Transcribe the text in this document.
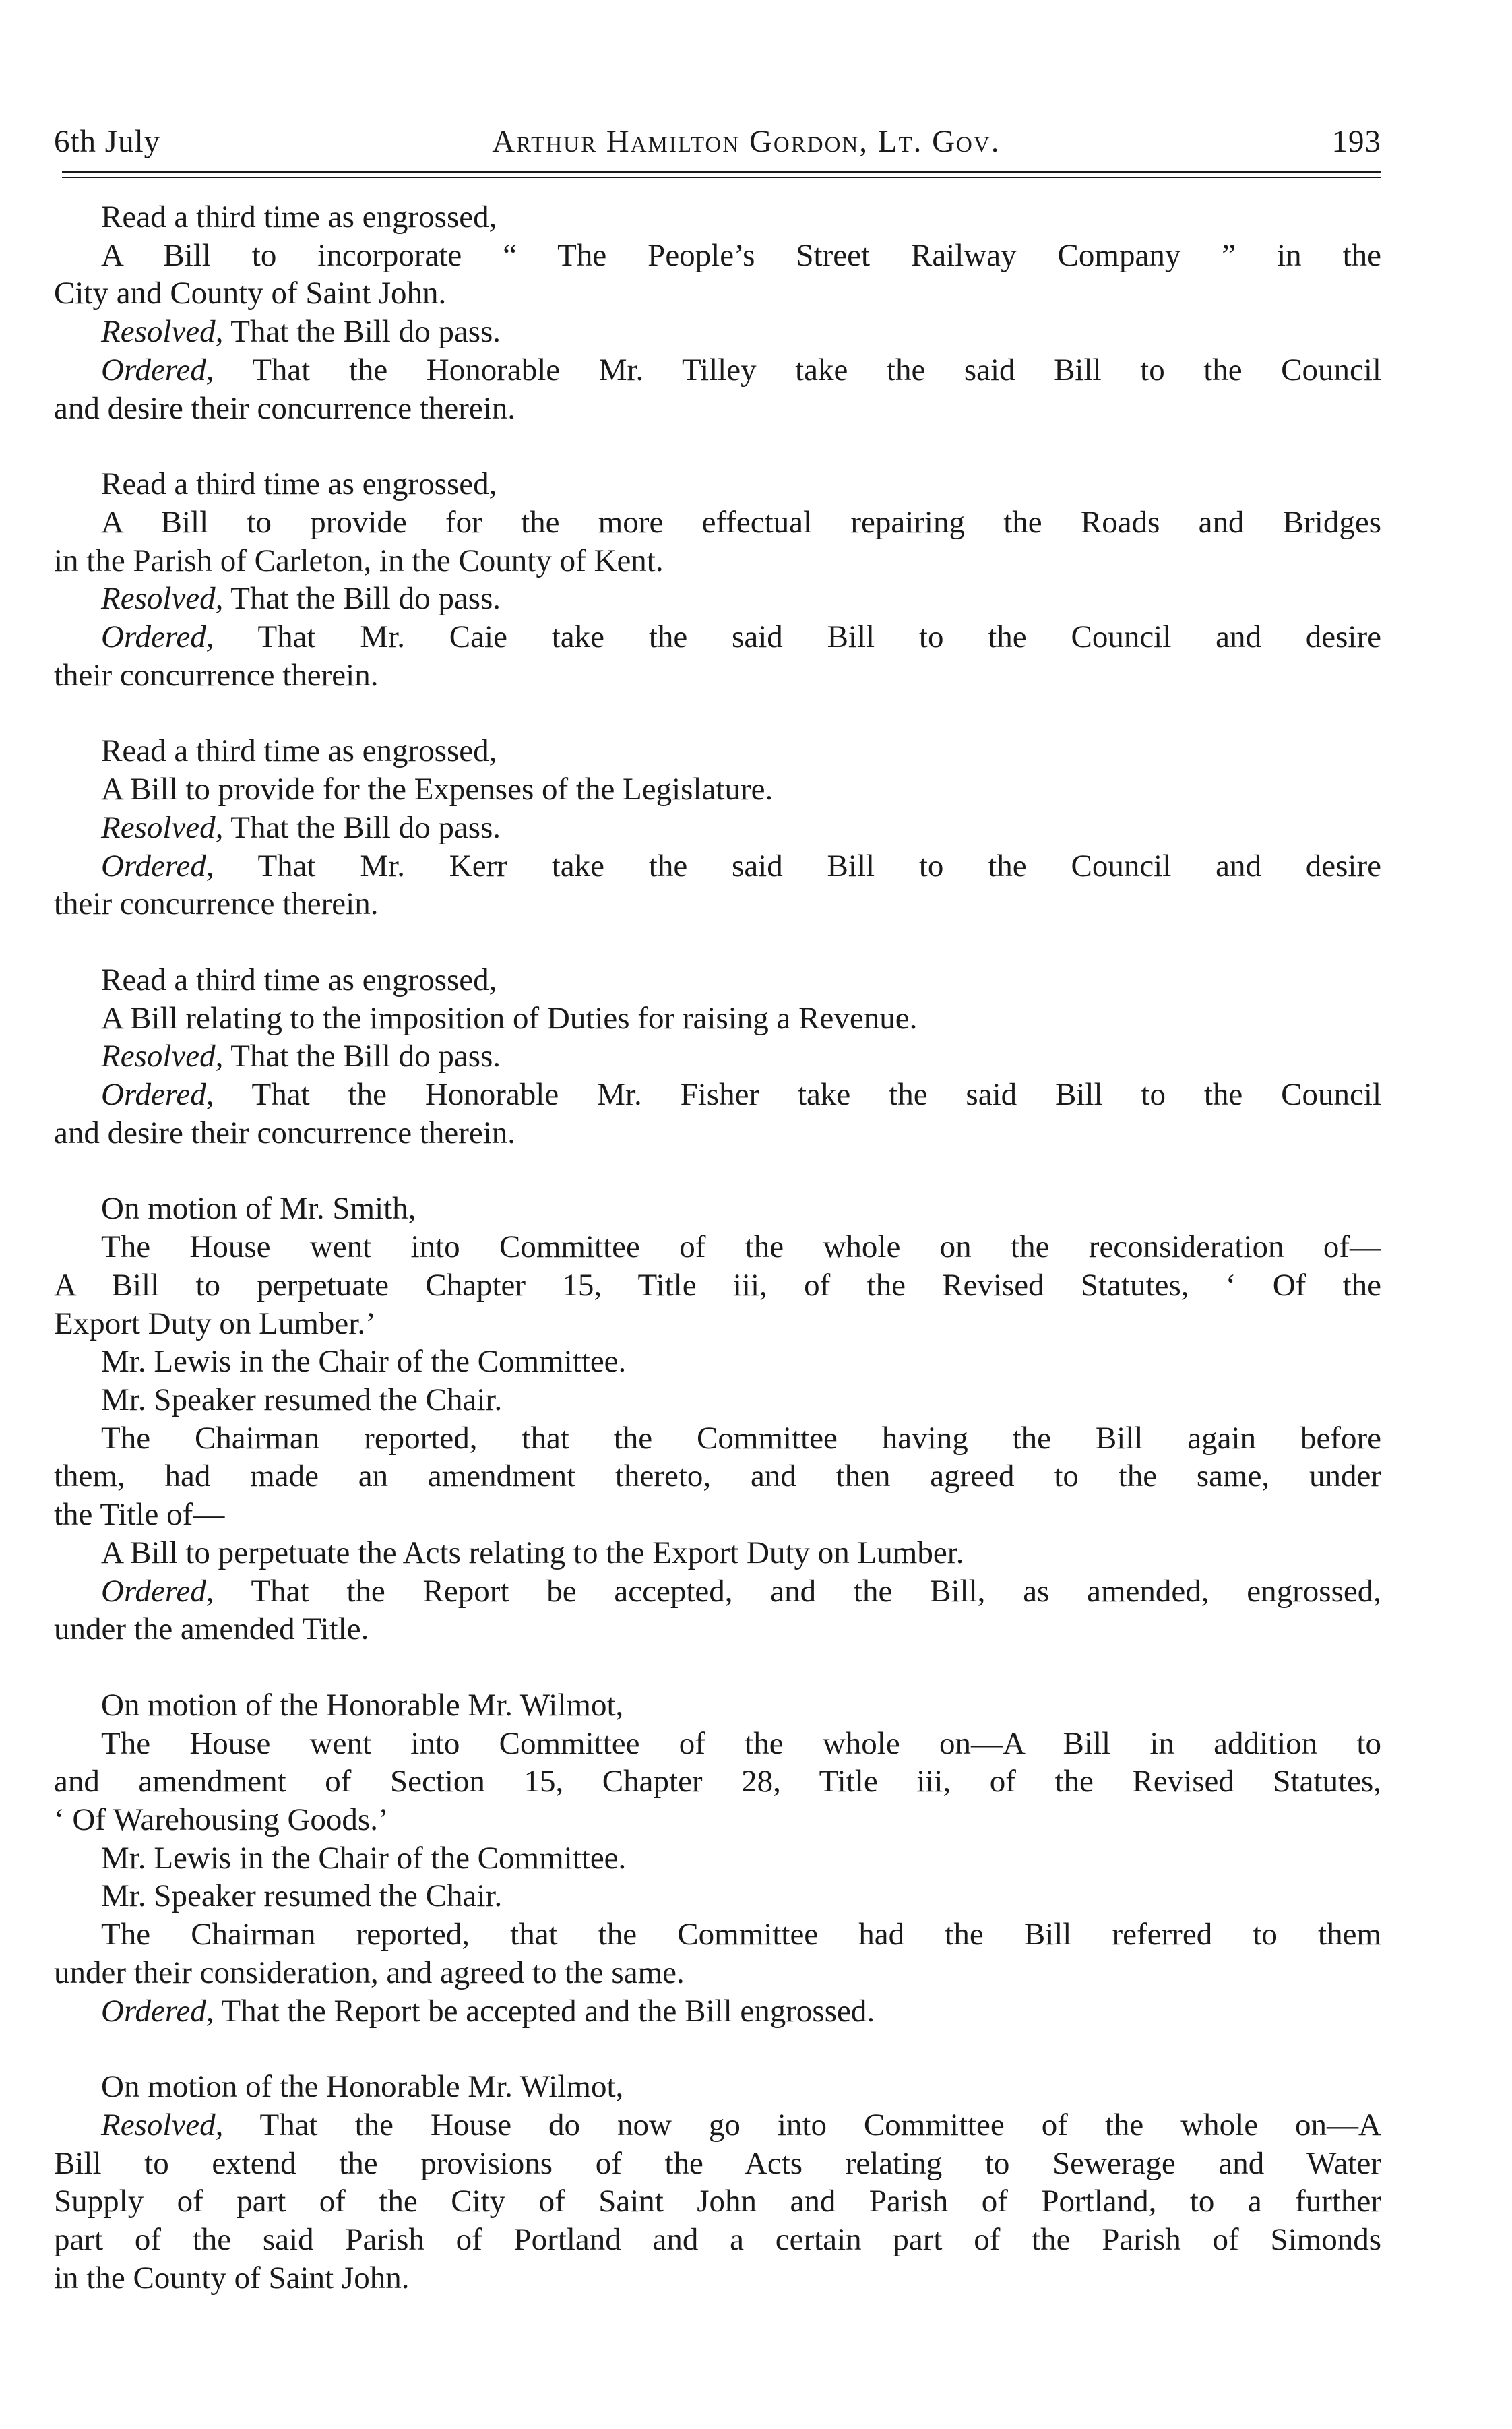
6th July	Arthur Hamilton Gordon, Lt. Gov.	193
Read a third time as engrossed,
A Bill to incorporate “ The People’s Street Railway Company ” in the
City and County of Saint John.
Resolved, That the Bill do pass.
Ordered, That the Honorable Mr. Tilley take the said Bill to the Council
and desire their concurrence therein.
Read a third time as engrossed,
A Bill to provide for the more effectual repairing the Roads and Bridges
in the Parish of Carleton, in the County of Kent.
Resolved, That the Bill do pass.
Ordered, That Mr. Caie take the said Bill to the Council and desire
their concurrence therein.
Read a third time as engrossed,
A Bill to provide for the Expenses of the Legislature.
Resolved, That the Bill do pass.
Ordered, That Mr. Kerr take the said Bill to the Council and desire
their concurrence therein.
Read a third time as engrossed,
A Bill relating to the imposition of Duties for raising a Revenue.
Resolved, That the Bill do pass.
Ordered, That the Honorable Mr. Fisher take the said Bill to the Council
and desire their concurrence therein.
On motion of Mr. Smith,
The House went into Committee of the whole on the reconsideration of—
A Bill to perpetuate Chapter 15, Title iii, of the Revised Statutes, ‘ Of the
Export Duty on Lumber.’
Mr. Lewis in the Chair of the Committee.
Mr. Speaker resumed the Chair.
The Chairman reported, that the Committee having the Bill again before
them, had made an amendment thereto, and then agreed to the same, under
the Title of—
A Bill to perpetuate the Acts relating to the Export Duty on Lumber.
Ordered, That the Report be accepted, and the Bill, as amended, engrossed,
under the amended Title.
On motion of the Honorable Mr. Wilmot,
The House went into Committee of the whole on—A Bill in addition to
and amendment of Section 15, Chapter 28, Title iii, of the Revised Statutes,
‘ Of Warehousing Goods.’
Mr. Lewis in the Chair of the Committee.
Mr. Speaker resumed the Chair.
The Chairman reported, that the Committee had the Bill referred to them
under their consideration, and agreed to the same.
Ordered, That the Report be accepted and the Bill engrossed.
On motion of the Honorable Mr. Wilmot,
Resolved, That the House do now go into Committee of the whole on—A
Bill to extend the provisions of the Acts relating to Sewerage and Water
Supply of part of the City of Saint John and Parish of Portland, to a further
part of the said Parish of Portland and a certain part of the Parish of Simonds
in the County of Saint John.
